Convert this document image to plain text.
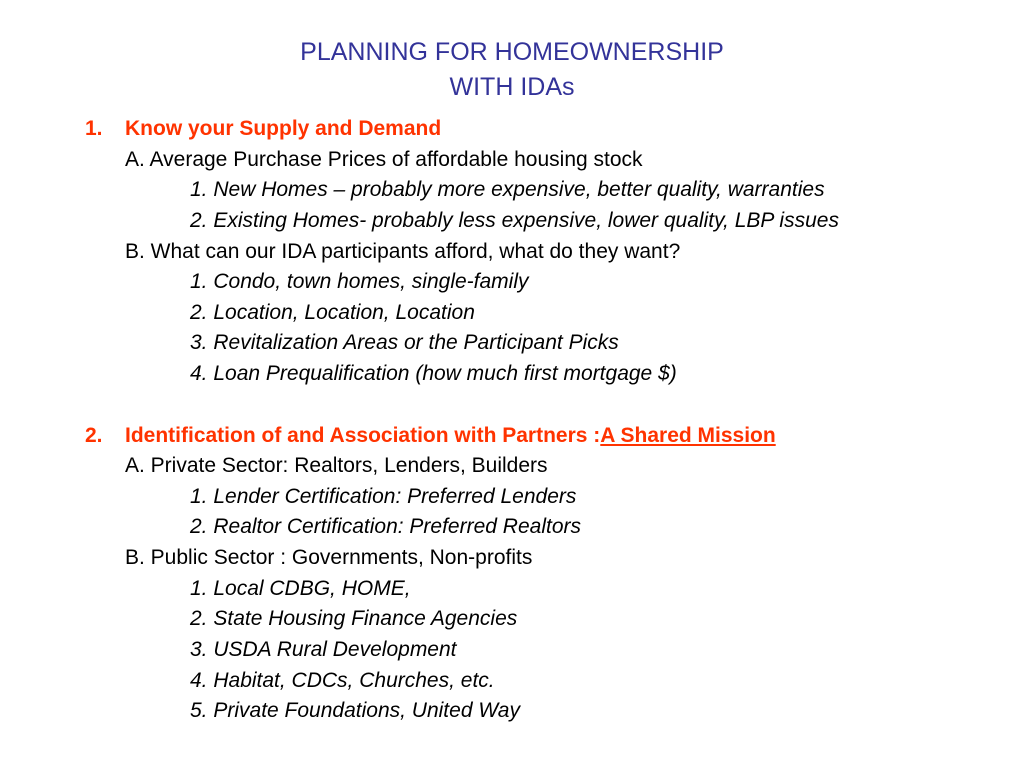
PLANNING FOR HOMEOWNERSHIP
WITH IDAs
1. Know your Supply and Demand
A. Average Purchase Prices of affordable housing stock
1. New Homes – probably more expensive, better quality, warranties
2. Existing Homes- probably less expensive, lower quality, LBP issues
B. What can our IDA participants afford, what do they want?
1. Condo, town homes, single-family
2. Location, Location, Location
3. Revitalization Areas or the Participant Picks
4. Loan Prequalification (how much first mortgage $)
2. Identification of and Association with Partners :A Shared Mission
A. Private Sector: Realtors, Lenders, Builders
1. Lender Certification: Preferred Lenders
2. Realtor Certification: Preferred Realtors
B. Public Sector : Governments, Non-profits
1. Local CDBG, HOME,
2. State Housing Finance Agencies
3. USDA Rural Development
4. Habitat, CDCs, Churches, etc.
5. Private Foundations, United Way
